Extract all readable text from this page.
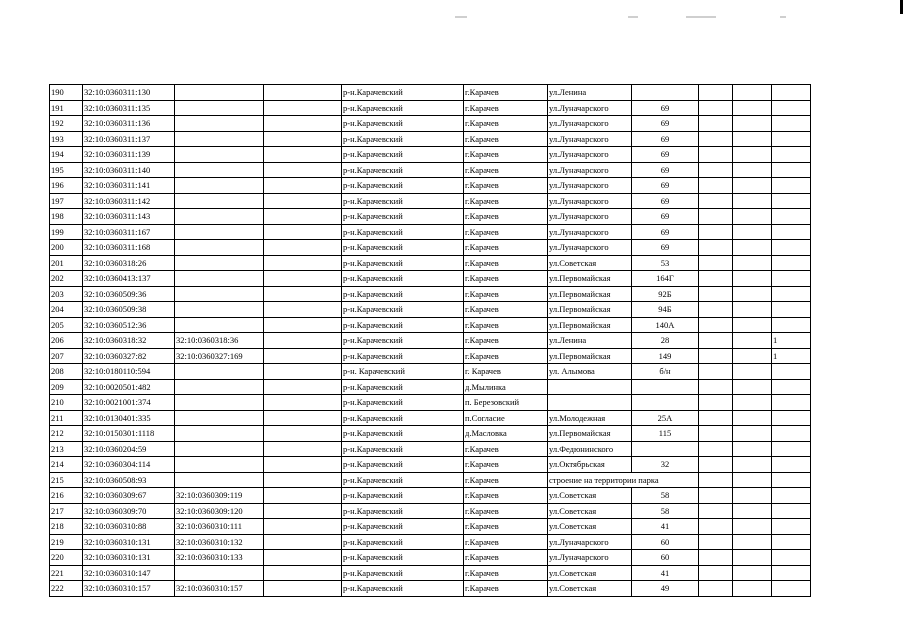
190	32:10:0360311:130			р-н.Карачевский	г.Карачев	ул.Ленина				
191	32:10:0360311:135			р-н.Карачевский	г.Карачев	ул.Луначарского	69			
192	32:10:0360311:136			р-н.Карачевский	г.Карачев	ул.Луначарского	69			
193	32:10:0360311:137			р-н.Карачевский	г.Карачев	ул.Луначарского	69			
194	32:10:0360311:139			р-н.Карачевский	г.Карачев	ул.Луначарского	69			
195	32:10:0360311:140			р-н.Карачевский	г.Карачев	ул.Луначарского	69			
196	32:10:0360311:141			р-н.Карачевский	г.Карачев	ул.Луначарского	69			
197	32:10:0360311:142			р-н.Карачевский	г.Карачев	ул.Луначарского	69			
198	32:10:0360311:143			р-н.Карачевский	г.Карачев	ул.Луначарского	69			
199	32:10:0360311:167			р-н.Карачевский	г.Карачев	ул.Луначарского	69			
200	32:10:0360311:168			р-н.Карачевский	г.Карачев	ул.Луначарского	69			
201	32:10:0360318:26			р-н.Карачевский	г.Карачев	ул.Советская	53			
202	32:10:0360413:137			р-н.Карачевский	г.Карачев	ул.Первомайская	164Г			
203	32:10:0360509:36			р-н.Карачевский	г.Карачев	ул.Первомайская	92Б			
204	32:10:0360509:38			р-н.Карачевский	г.Карачев	ул.Первомайская	94Б			
205	32:10:0360512:36			р-н.Карачевский	г.Карачев	ул.Первомайская	140А			
206	32:10:0360318:32	32:10:0360318:36		р-н.Карачевский	г.Карачев	ул.Ленина	28			1
207	32:10:0360327:82	32:10:0360327:169		р-н.Карачевский	г.Карачев	ул.Первомайская	149			1
208	32:10:0180110:594			р-н. Карачевский	г. Карачев	ул. Алымова	б/н			
209	32:10:0020501:482			р-н.Карачевский	д.Мылинка					
210	32:10:0021001:374			р-н.Карачевский	п. Березовский					
211	32:10:0130401:335			р-н.Карачевский	п.Согласие	ул.Молодежная	25А			
212	32:10:0150301:1118			р-н.Карачевский	д.Масловка	ул.Первомайская	115			
213	32:10:0360204:59			р-н.Карачевский	г.Карачев	ул.Федюнинского				
214	32:10:0360304:114			р-н.Карачевский	г.Карачев	ул.Октябрьская	32			
215	32:10:0360508:93			р-н.Карачевский	г.Карачев	строение на территории парка				
216	32:10:0360309:67	32:10:0360309:119		р-н.Карачевский	г.Карачев	ул.Советская	58			
217	32:10:0360309:70	32:10:0360309:120		р-н.Карачевский	г.Карачев	ул.Советская	58			
218	32:10:0360310:88	32:10:0360310:111		р-н.Карачевский	г.Карачев	ул.Советская	41			
219	32:10:0360310:131	32:10:0360310:132		р-н.Карачевский	г.Карачев	ул.Луначарского	60			
220	32:10:0360310:131	32:10:0360310:133		р-н.Карачевский	г.Карачев	ул.Луначарского	60			
221	32:10:0360310:147			р-н.Карачевский	г.Карачев	ул.Советская	41			
222	32:10:0360310:157	32:10:0360310:157		р-н.Карачевский	г.Карачев	ул.Советская	49			
